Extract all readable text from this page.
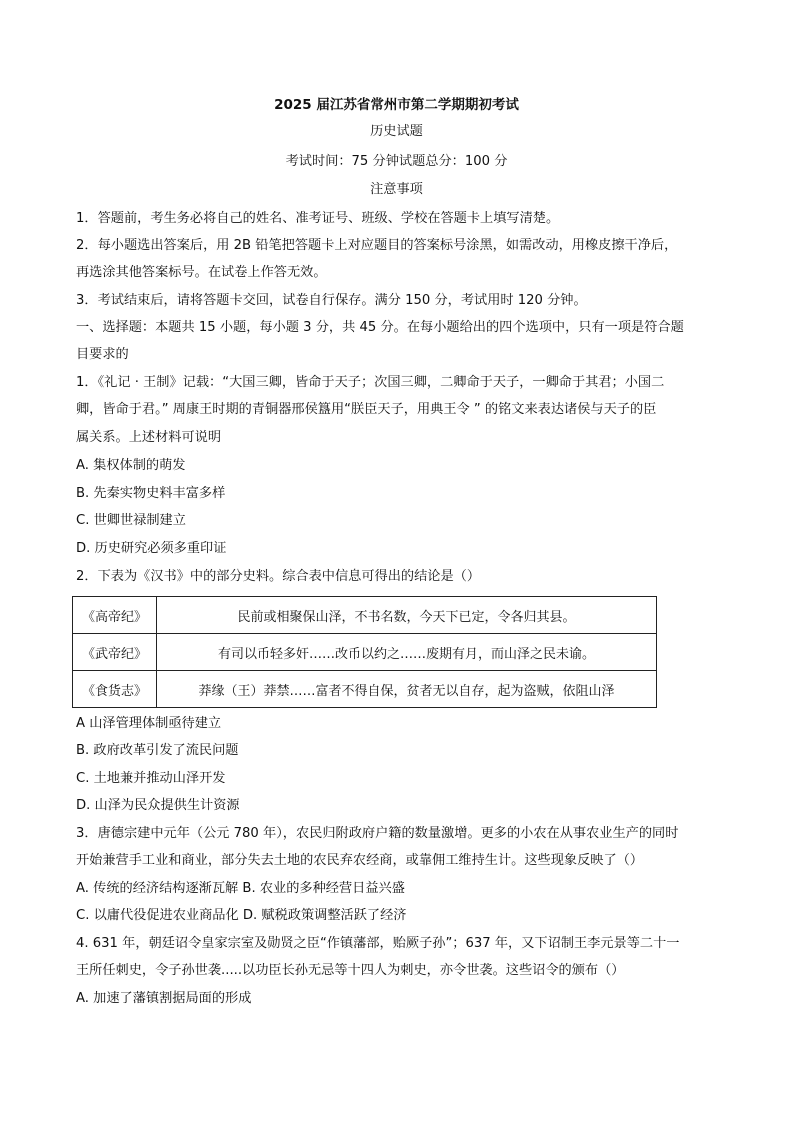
2025 届江苏省常州市第二学期期初考试
历史试题
考试时间：75 分钟试题总分：100 分
注意事项
1．答题前，考生务必将自己的姓名、准考证号、班级、学校在答题卡上填写清楚。
2．每小题选出答案后，用 2B 铅笔把答题卡上对应题目的答案标号涂黑，如需改动，用橡皮擦干净后，
再选涂其他答案标号。在试卷上作答无效。
3．考试结束后，请将答题卡交回，试卷自行保存。满分 150 分，考试用时 120 分钟。
一、选择题：本题共 15 小题，每小题 3 分，共 45 分。在每小题给出的四个选项中，只有一项是符合题
目要求的
1．《礼记 · 王制》记载：“大国三卿，皆命于天子；次国三卿，二卿命于天子，一卿命于其君；小国二
卿，皆命于君。” 周康王时期的青铜器邢侯簋用“朕臣天子，用典王令 ” 的铭文来表达诸侯与天子的臣
属关系。上述材料可说明
A. 集权体制的萌发
B. 先秦实物史料丰富多样
C. 世卿世禄制建立
D. 历史研究必须多重印证
2．下表为《汉书》中的部分史料。综合表中信息可得出的结论是（）
《高帝纪》	民前或相聚保山泽，不书名数，今天下已定，令各归其县。
《武帝纪》	有司以币轻多奸……改币以约之……废期有月，而山泽之民未谕。
《食货志》	莽缘（王）莽禁……富者不得自保，贫者无以自存，起为盗贼，依阻山泽
A 山泽管理体制亟待建立
B. 政府改革引发了流民问题
C. 土地兼并推动山泽开发
D. 山泽为民众提供生计资源
3．唐德宗建中元年（公元 780 年），农民归附政府户籍的数量激增。更多的小农在从事农业生产的同时
开始兼营手工业和商业，部分失去土地的农民弃农经商，或靠佣工维持生计。这些现象反映了（）
A. 传统的经济结构逐渐瓦解 B. 农业的多种经营日益兴盛
C. 以庸代役促进农业商品化 D. 赋税政策调整活跃了经济
4. 631 年，朝廷诏令皇家宗室及勋贤之臣“作镇藩部，贻厥子孙”；637 年，又下诏制王李元景等二十一
王所任刺史，令子孙世袭.....以功臣长孙无忌等十四人为刺史，亦令世袭。这些诏令的颁布（）
A. 加速了藩镇割据局面的形成
